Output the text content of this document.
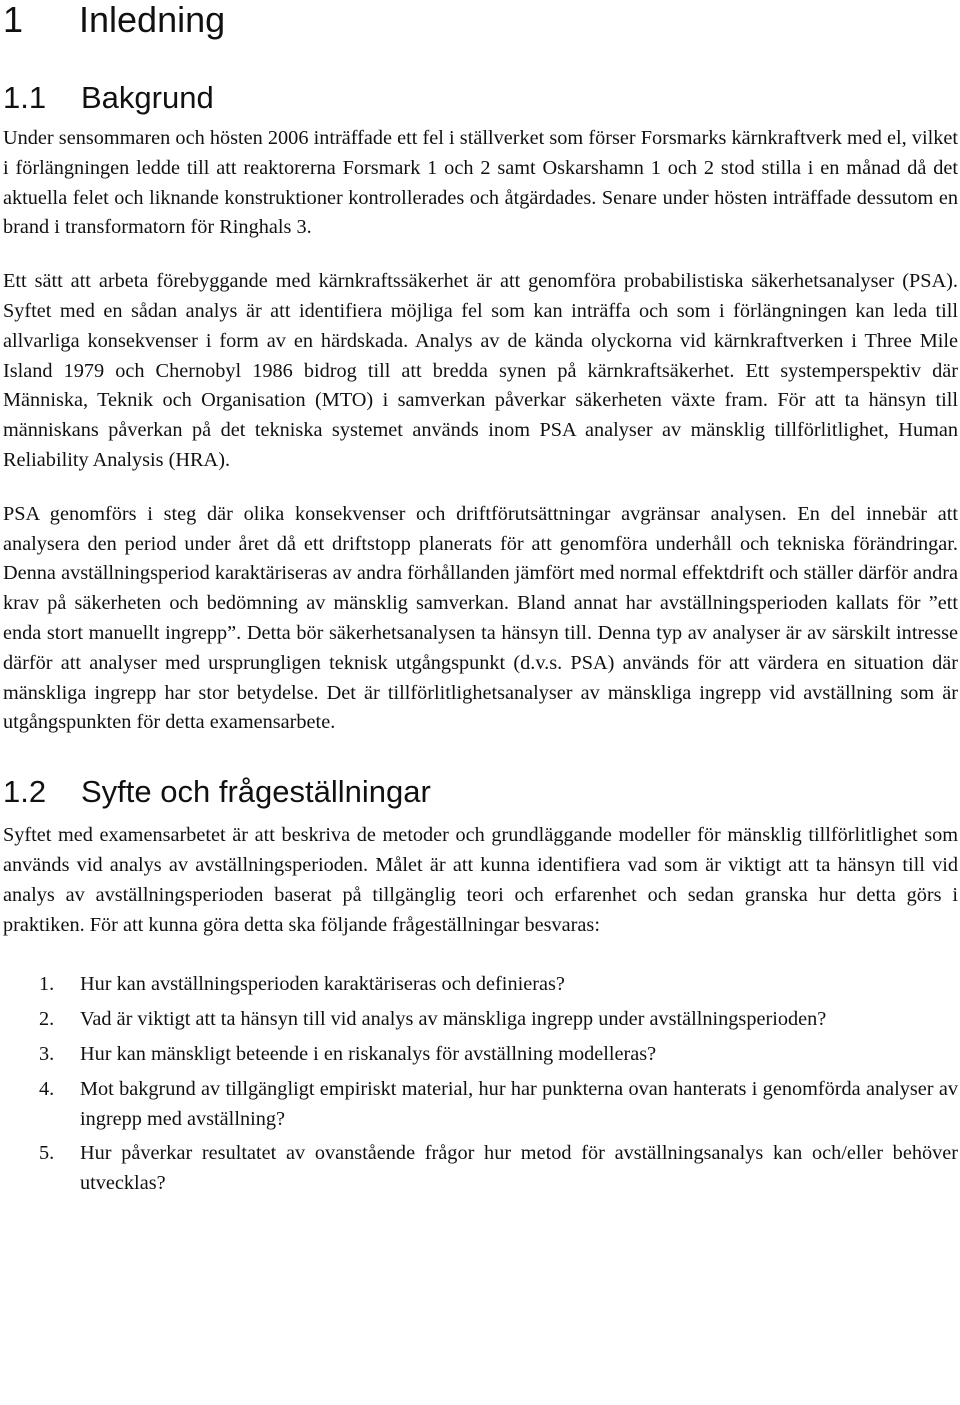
1 Inledning
1.1 Bakgrund

Under sensommaren och hösten 2006 inträffade ett fel i ställverket som förser Forsmarks kärnkraftverk med el, vilket i förlängningen ledde till att reaktorerna Forsmark 1 och 2 samt Oskarshamn 1 och 2 stod stilla i en månad då det aktuella felet och liknande konstruktioner kontrollerades och åtgärdades. Senare under hösten inträffade dessutom en brand i transformatorn för Ringhals 3.

Ett sätt att arbeta förebyggande med kärnkraftssäkerhet är att genomföra probabilistiska säkerhetsanalyser (PSA). Syftet med en sådan analys är att identifiera möjliga fel som kan inträffa och som i förlängningen kan leda till allvarliga konsekvenser i form av en härdskada. Analys av de kända olyckorna vid kärnkraftverken i Three Mile Island 1979 och Chernobyl 1986 bidrog till att bredda synen på kärnkraftsäkerhet. Ett systemperspektiv där Människa, Teknik och Organisation (MTO) i samverkan påverkar säkerheten växte fram. För att ta hänsyn till människans påverkan på det tekniska systemet används inom PSA analyser av mänsklig tillförlitlighet, Human Reliability Analysis (HRA).

PSA genomförs i steg där olika konsekvenser och driftförutsättningar avgränsar analysen. En del innebär att analysera den period under året då ett driftstopp planerats för att genomföra underhåll och tekniska förändringar. Denna avställningsperiod karaktäriseras av andra förhållanden jämfört med normal effektdrift och ställer därför andra krav på säkerheten och bedömning av mänsklig samverkan. Bland annat har avställningsperioden kallats för ”ett enda stort manuellt ingrepp”. Detta bör säkerhetsanalysen ta hänsyn till. Denna typ av analyser är av särskilt intresse därför att analyser med ursprungligen teknisk utgångspunkt (d.v.s. PSA) används för att värdera en situation där mänskliga ingrepp har stor betydelse. Det är tillförlitlighetsanalyser av mänskliga ingrepp vid avställning som är utgångspunkten för detta examensarbete.

1.2 Syfte och frågeställningar

Syftet med examensarbetet är att beskriva de metoder och grundläggande modeller för mänsklig tillförlitlighet som används vid analys av avställningsperioden. Målet är att kunna identifiera vad som är viktigt att ta hänsyn till vid analys av avställningsperioden baserat på tillgänglig teori och erfarenhet och sedan granska hur detta görs i praktiken. För att kunna göra detta ska följande frågeställningar besvaras:

1.	Hur kan avställningsperioden karaktäriseras och definieras?
2.	Vad är viktigt att ta hänsyn till vid analys av mänskliga ingrepp under avställningsperioden?
3.	Hur kan mänskligt beteende i en riskanalys för avställning modelleras?
4.	Mot bakgrund av tillgängligt empiriskt material, hur har punkterna ovan hanterats i genomförda analyser av ingrepp med avställning?
5.	Hur påverkar resultatet av ovanstående frågor hur metod för avställningsanalys kan och/eller behöver utvecklas?
